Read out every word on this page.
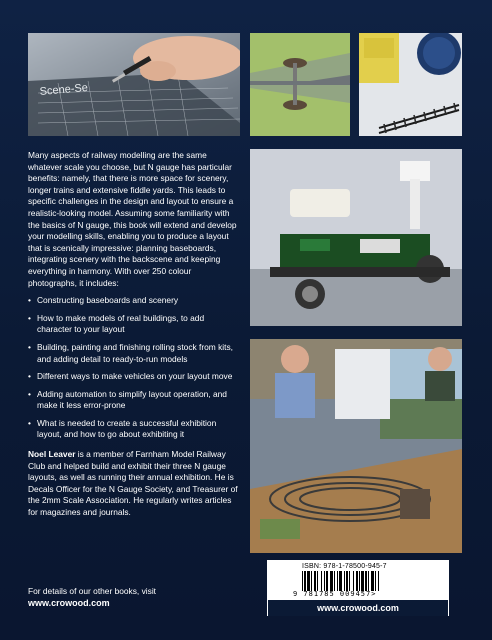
Scene-Se

Many aspects of railway modelling are the same whatever scale you choose, but N gauge has particular benefits: namely, that there is more space for scenery, longer trains and extensive fiddle yards. This leads to specific challenges in the design and layout to ensure a realistic-looking model. Assuming some familiarity with the basics of N gauge, this book will extend and develop your modelling skills, enabling you to produce a layout that is scenically impressive: planning baseboards, integrating scenery with the backscene and keeping everything in harmony. With over 250 colour photographs, it includes:

• Constructing baseboards and scenery
• How to make models of real buildings, to add character to your layout
• Building, painting and finishing rolling stock from kits, and adding detail to ready-to-run models
• Different ways to make vehicles on your layout move
• Adding automation to simplify layout operation, and make it less error-prone
• What is needed to create a successful exhibition layout, and how to go about exhibiting it

Noel Leaver is a member of Farnham Model Railway Club and helped build and exhibit their three N gauge layouts, as well as running their annual exhibition. He is Decals Officer for the N Gauge Society, and Treasurer of the 2mm Scale Association. He regularly writes articles for magazines and journals.

For details of our other books, visit
www.crowood.com
ISBN: 978-1-78500-945-7
9 781785 009457>
www.crowood.com
